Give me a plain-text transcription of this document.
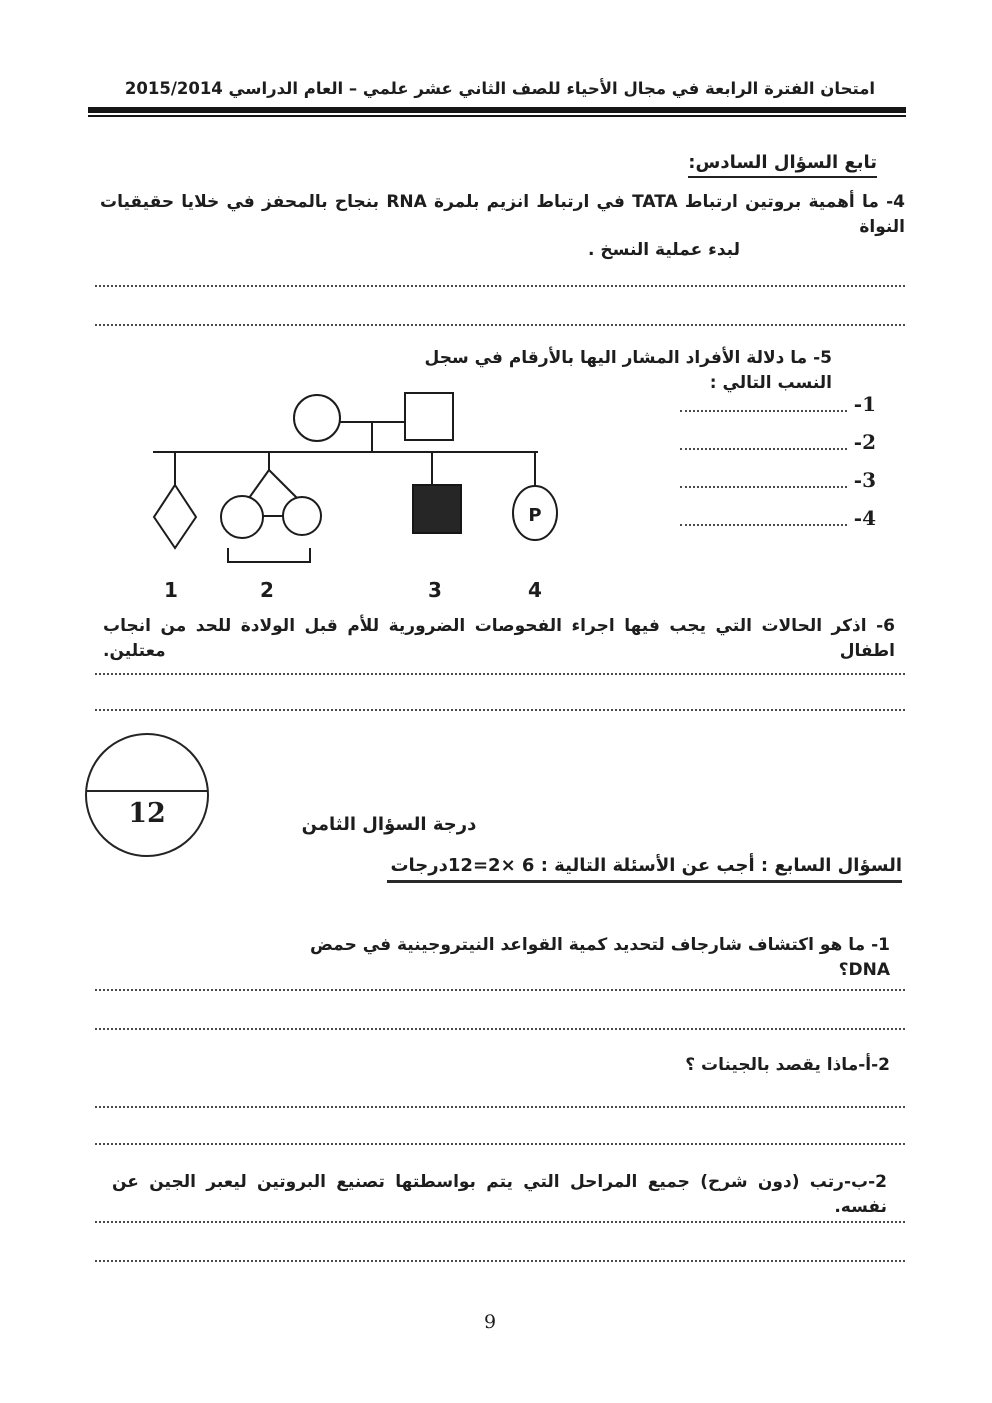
امتحان الفترة الرابعة في مجال الأحياء للصف الثاني عشر علمي – العام الدراسي 2015/2014
تابع السؤال السادس:
4- ما أهمية بروتين ارتباط TATA في ارتباط انزيم بلمرة RNA بنجاح بالمحفز في خلايا حقيقيات النواة
لبدء عملية النسخ .
5- ما دلالة الأفراد المشار اليها بالأرقام في سجل النسب التالي :
P
1	2	3	4
-1
-2
-3
-4
6- اذكر الحالات التي يجب فيها اجراء الفحوصات الضرورية للأم قبل الولادة للحد من انجاب اطفال معتلين.
12	درجة السؤال الثامن
السؤال السابع : أجب عن الأسئلة التالية : 6 ×2=12درجات
1- ما هو اكتشاف شارجاف لتحديد كمية القواعد النيتروجينية في حمض DNA؟
2-أ-ماذا يقصد بالجينات ؟
2-ب-رتب (دون شرح) جميع المراحل التي يتم بواسطتها تصنيع البروتين ليعبر الجين عن نفسه.
9
